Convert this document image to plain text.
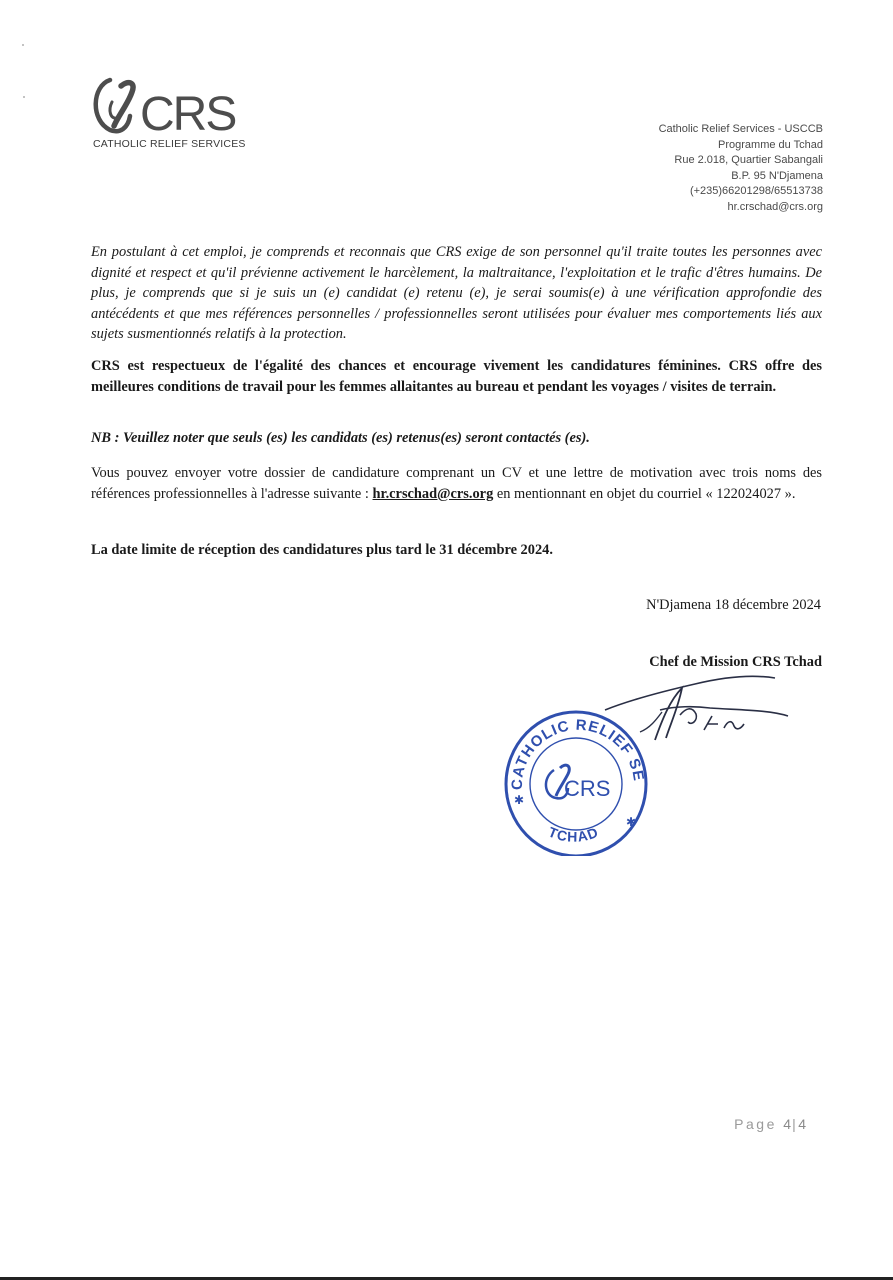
CRS
CATHOLIC RELIEF SERVICES
Catholic Relief Services - USCCB
Programme du Tchad
Rue 2.018, Quartier Sabangali
B.P. 95 N'Djamena
(+235)66201298/65513738
hr.crschad@crs.org
En postulant à cet emploi, je comprends et reconnais que CRS exige de son personnel qu'il traite toutes les personnes avec dignité et respect et qu'il prévienne activement le harcèlement, la maltraitance, l'exploitation et le trafic d'êtres humains. De plus, je comprends que si je suis un (e) candidat (e) retenu (e), je serai soumis(e) à une vérification approfondie des antécédents et que mes références personnelles / professionnelles seront utilisées pour évaluer mes comportements liés aux sujets susmentionnés relatifs à la protection.
CRS est respectueux de l'égalité des chances et encourage vivement les candidatures féminines. CRS offre des meilleures conditions de travail pour les femmes allaitantes au bureau et pendant les voyages / visites de terrain.
NB : Veuillez noter que seuls (es) les candidats (es) retenus(es) seront contactés (es).
Vous pouvez envoyer votre dossier de candidature comprenant un CV et une lettre de motivation avec trois noms des références professionnelles à l'adresse suivante : hr.crschad@crs.org en mentionnant en objet du courriel « 122024027 ».
La date limite de réception des candidatures plus tard le 31 décembre 2024.
N'Djamena 18 décembre 2024
Chef de Mission CRS Tchad
CATHOLIC RELIEF SE
TCHAD
CRS
✱
✱
Page 4|4
